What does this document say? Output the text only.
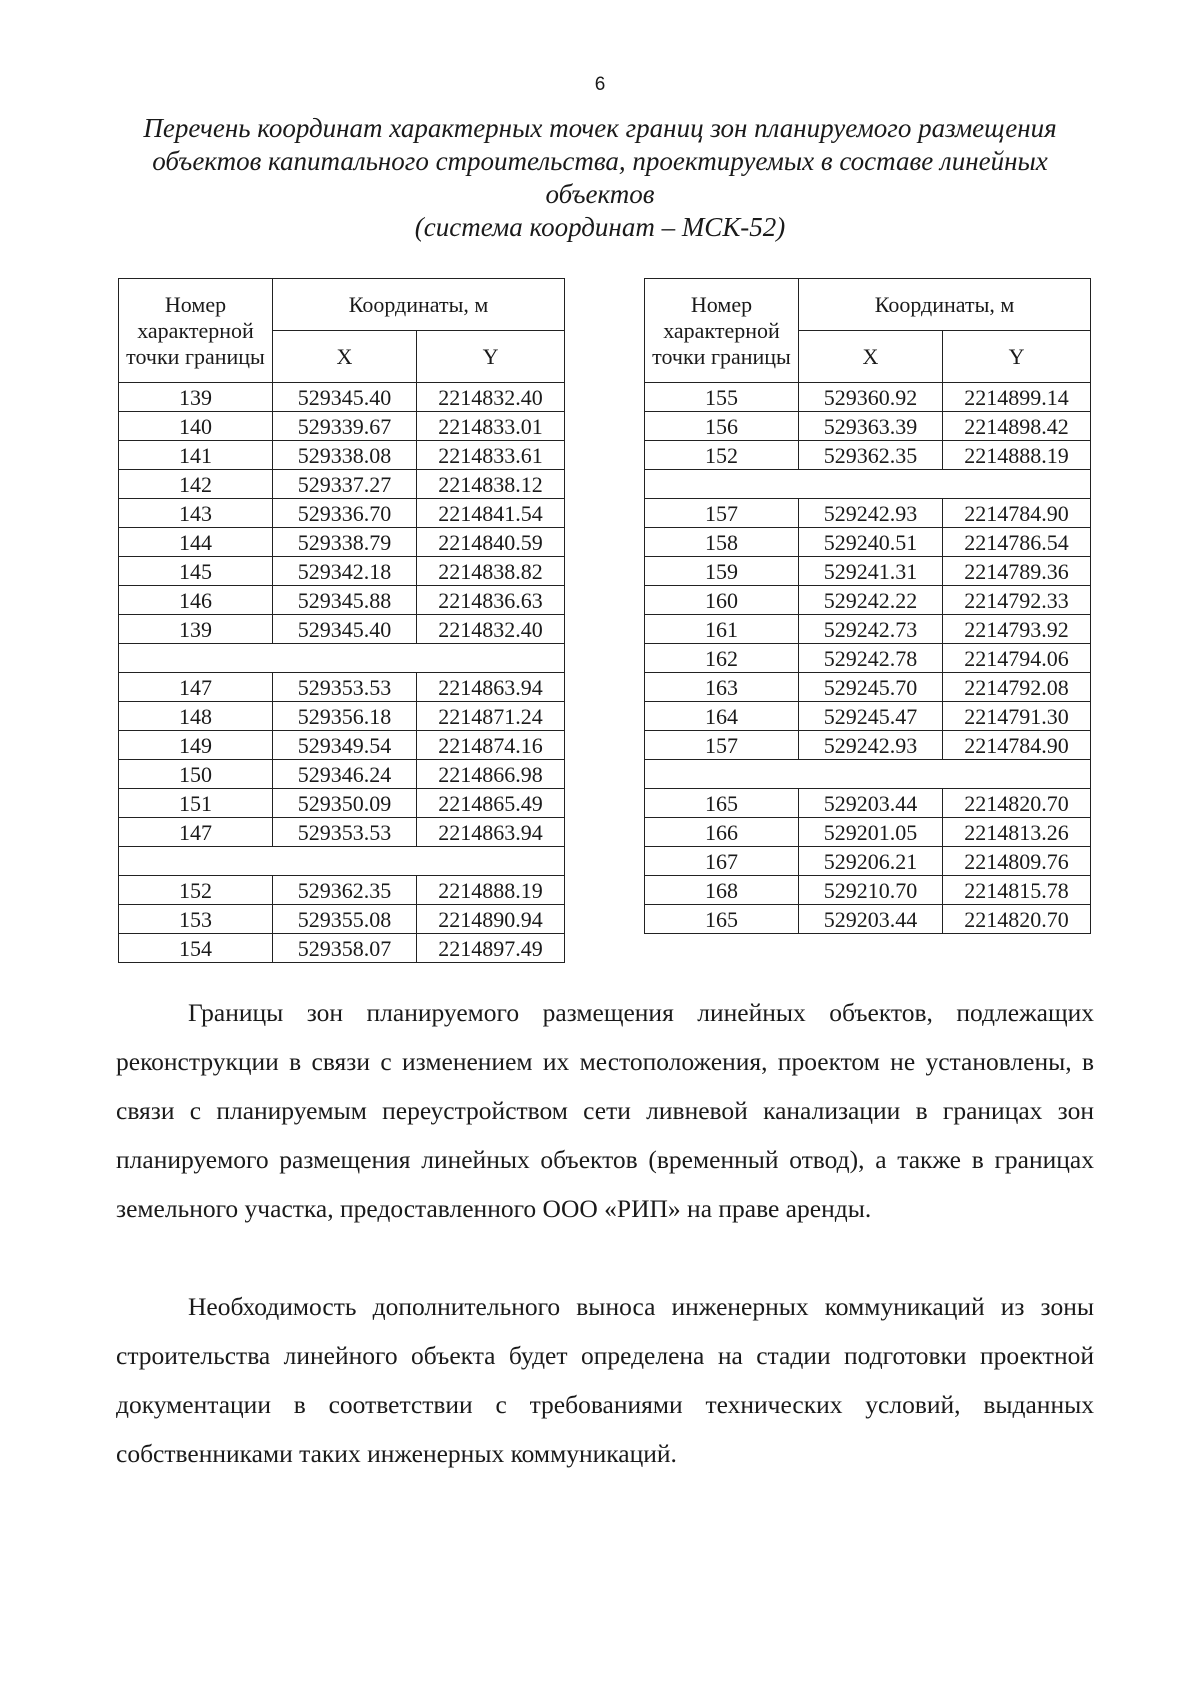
6
Перечень координат характерных точек границ зон планируемого размещения
объектов капитального строительства, проектируемых в составе линейных
объектов
(система координат – МСК-52)
Номер характерной точки границы	Координаты, м	
	X	Y
139	529345.40	2214832.40
140	529339.67	2214833.01
141	529338.08	2214833.61
142	529337.27	2214838.12
143	529336.70	2214841.54
144	529338.79	2214840.59
145	529342.18	2214838.82
146	529345.88	2214836.63
139	529345.40	2214832.40

147	529353.53	2214863.94
148	529356.18	2214871.24
149	529349.54	2214874.16
150	529346.24	2214866.98
151	529350.09	2214865.49
147	529353.53	2214863.94

152	529362.35	2214888.19
153	529355.08	2214890.94
154	529358.07	2214897.49
Номер характерной точки границы	Координаты, м	
	X	Y
155	529360.92	2214899.14
156	529363.39	2214898.42
152	529362.35	2214888.19

157	529242.93	2214784.90
158	529240.51	2214786.54
159	529241.31	2214789.36
160	529242.22	2214792.33
161	529242.73	2214793.92
162	529242.78	2214794.06
163	529245.70	2214792.08
164	529245.47	2214791.30
157	529242.93	2214784.90

165	529203.44	2214820.70
166	529201.05	2214813.26
167	529206.21	2214809.76
168	529210.70	2214815.78
165	529203.44	2214820.70

Границы зон планируемого размещения линейных объектов, подлежащих реконструкции в связи с изменением их местоположения, проектом не установлены, в связи с планируемым переустройством сети ливневой канализации в границах зон планируемого размещения линейных объектов (временный отвод), а также в границах земельного участка, предоставленного ООО «РИП» на праве аренды.

Необходимость дополнительного выноса инженерных коммуникаций из зоны строительства линейного объекта будет определена на стадии подготовки проектной документации в соответствии с требованиями технических условий, выданных собственниками таких инженерных коммуникаций.
